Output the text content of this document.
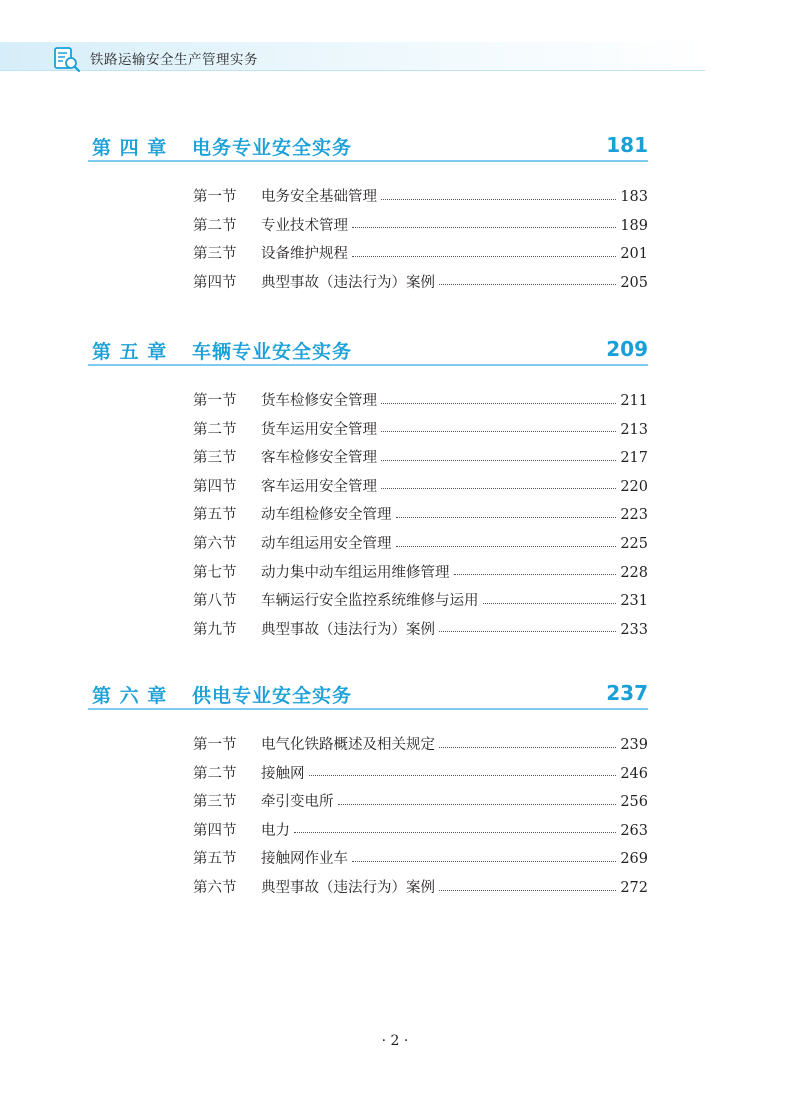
铁路运输安全生产管理实务
第 四 章 电务专业安全实务	181
第一节	电务安全基础管理	183
第二节	专业技术管理	189
第三节	设备维护规程	201
第四节	典型事故（违法行为）案例	205
第 五 章 车辆专业安全实务	209
第一节	货车检修安全管理	211
第二节	货车运用安全管理	213
第三节	客车检修安全管理	217
第四节	客车运用安全管理	220
第五节	动车组检修安全管理	223
第六节	动车组运用安全管理	225
第七节	动力集中动车组运用维修管理	228
第八节	车辆运行安全监控系统维修与运用	231
第九节	典型事故（违法行为）案例	233
第 六 章 供电专业安全实务	237
第一节	电气化铁路概述及相关规定	239
第二节	接触网	246
第三节	牵引变电所	256
第四节	电力	263
第五节	接触网作业车	269
第六节	典型事故（违法行为）案例	272
· 2 ·
